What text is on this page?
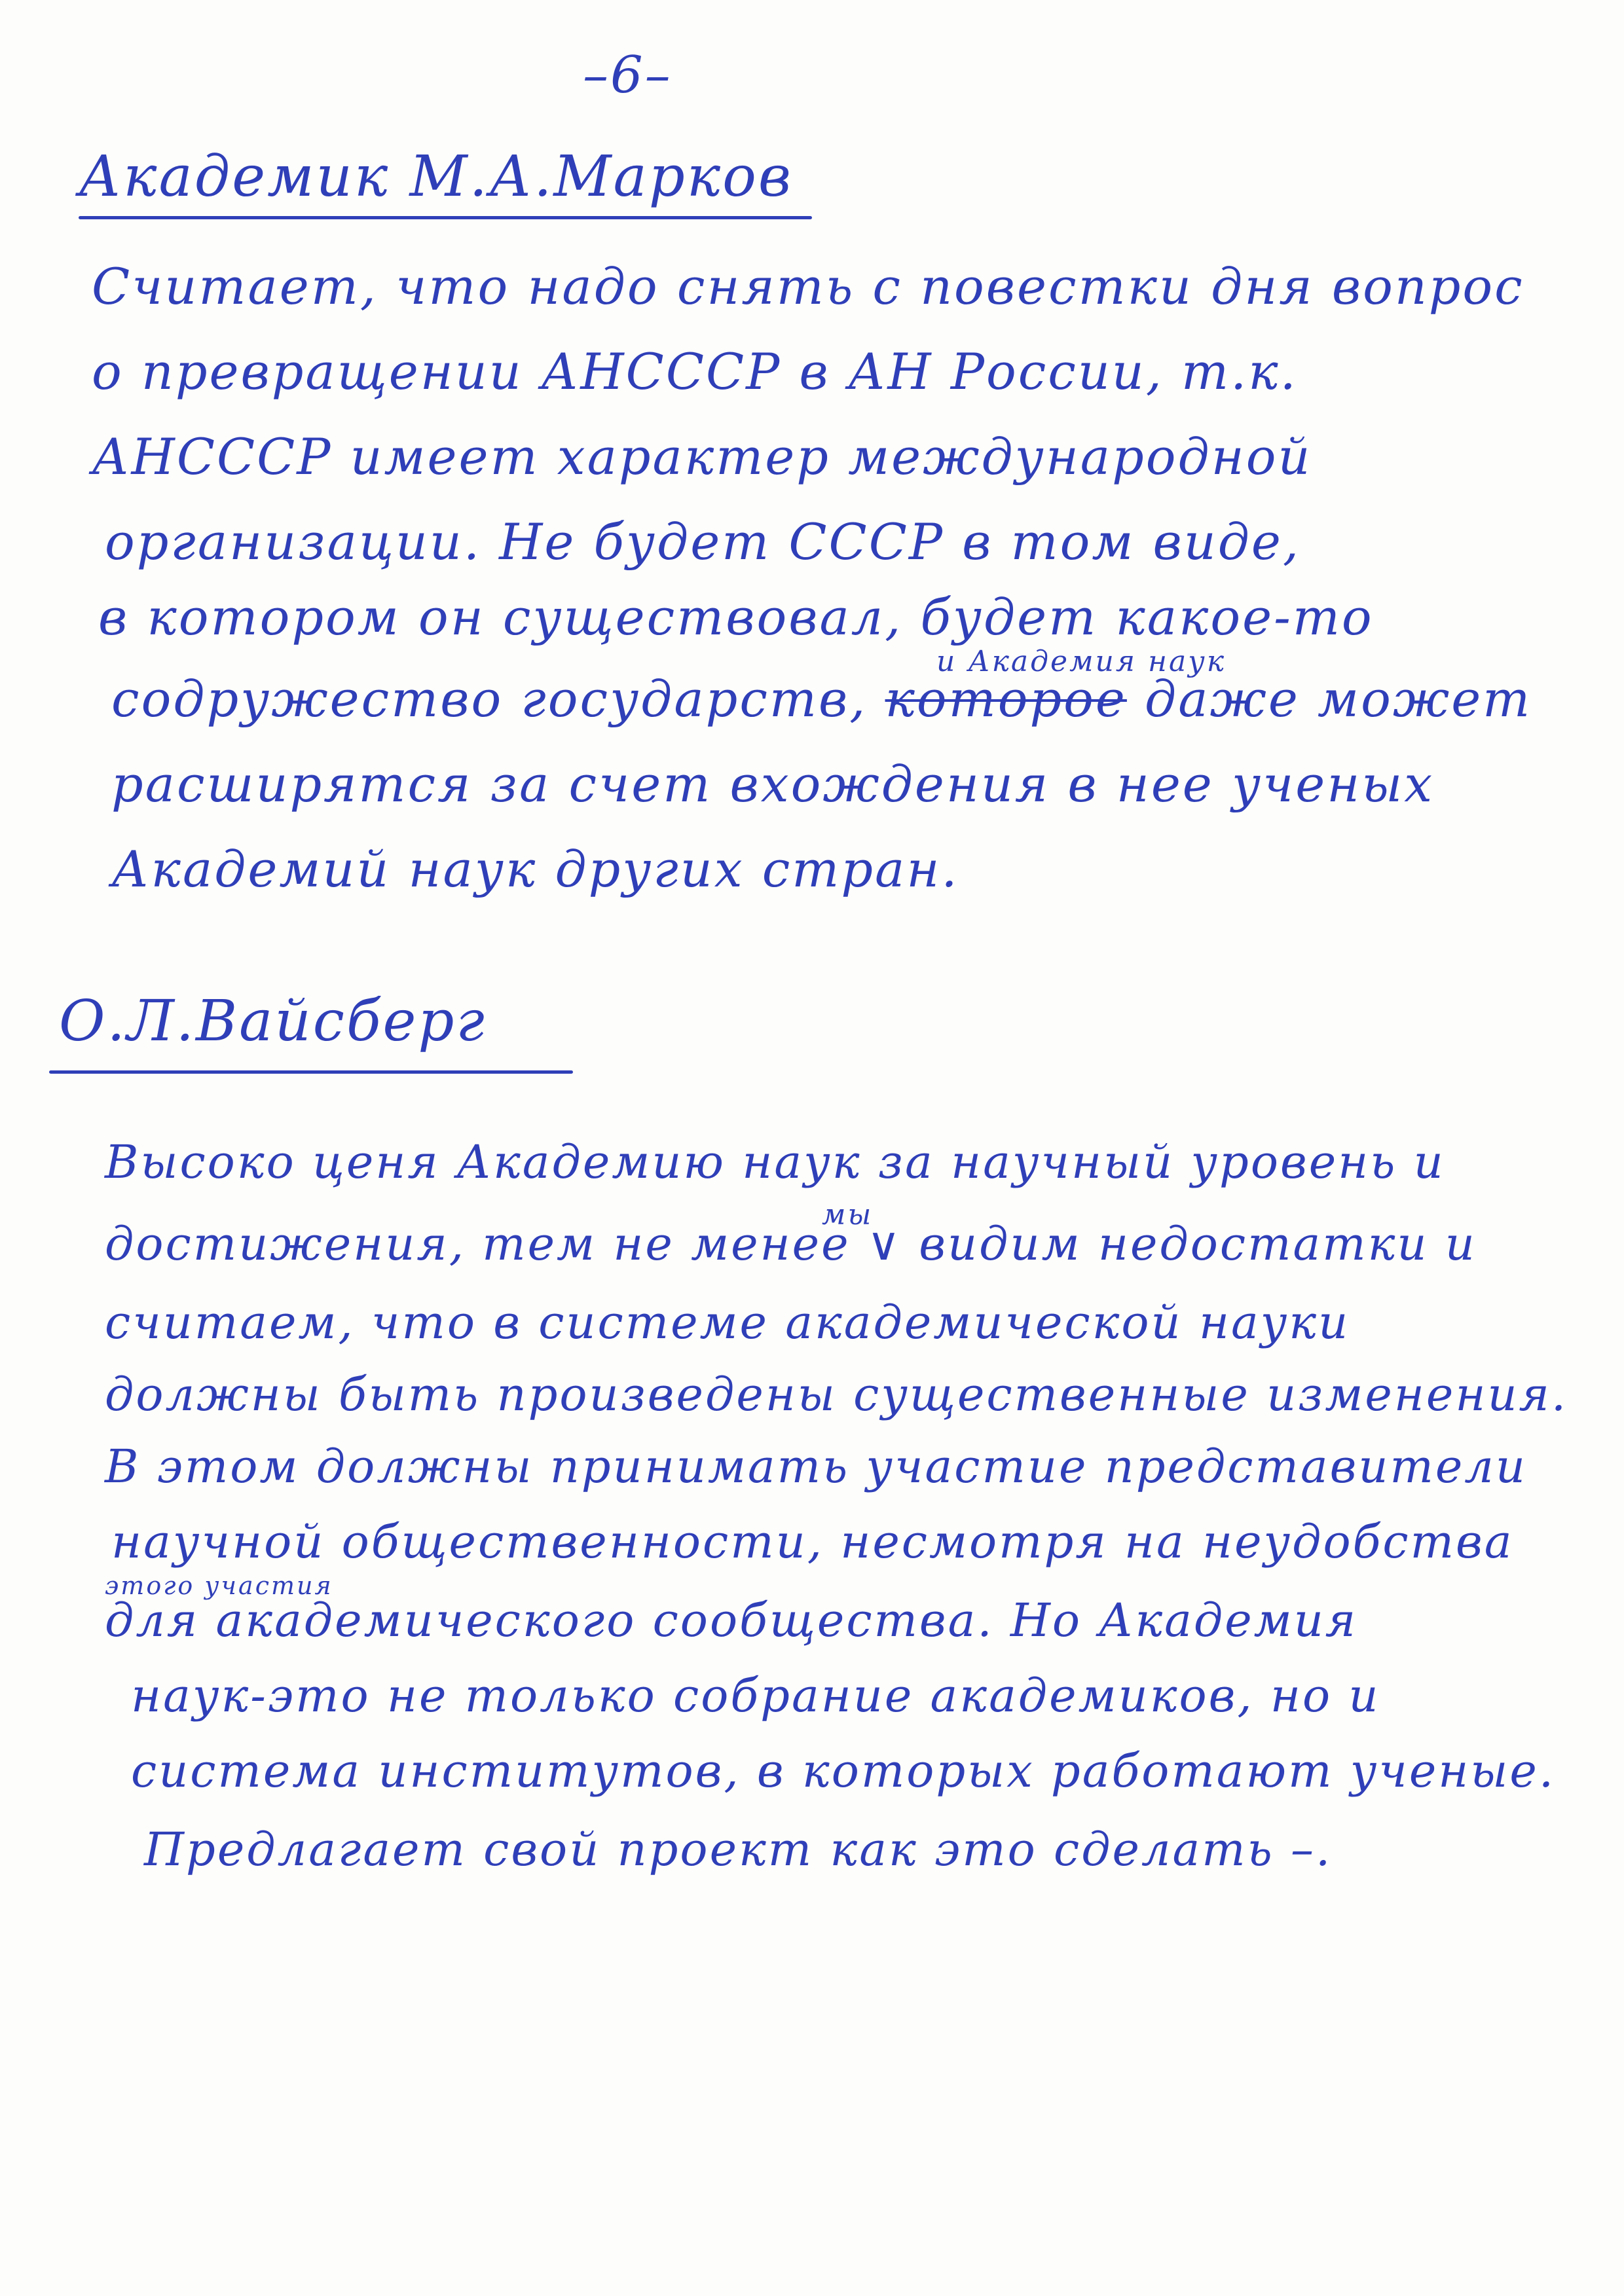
–6–
Академик М.А.Марков
Считает, что надо снять с повестки дня вопрос
о превращении АНСССР в АН России, т.к.
АНСССР имеет характер международной
организации. Не будет СССР в том виде,
в котором он существовал, будет какое-то
и Академия наук
содружество государств, которое даже может
расширятся за счет вхождения в нее ученых
Академий наук других стран.
О.Л.Вайсберг
Высоко ценя Академию наук за научный уровень и
мы
достижения, тем не менее ∨ видим недостатки и
считаем, что в системе академической науки
должны быть произведены существенные изменения.
В этом должны принимать участие представители
научной общественности, несмотря на неудобства
этого участия
для академического сообщества. Но Академия
наук-это не только собрание академиков, но и
система институтов, в которых работают ученые.
Предлагает свой проект как это сделать –.
